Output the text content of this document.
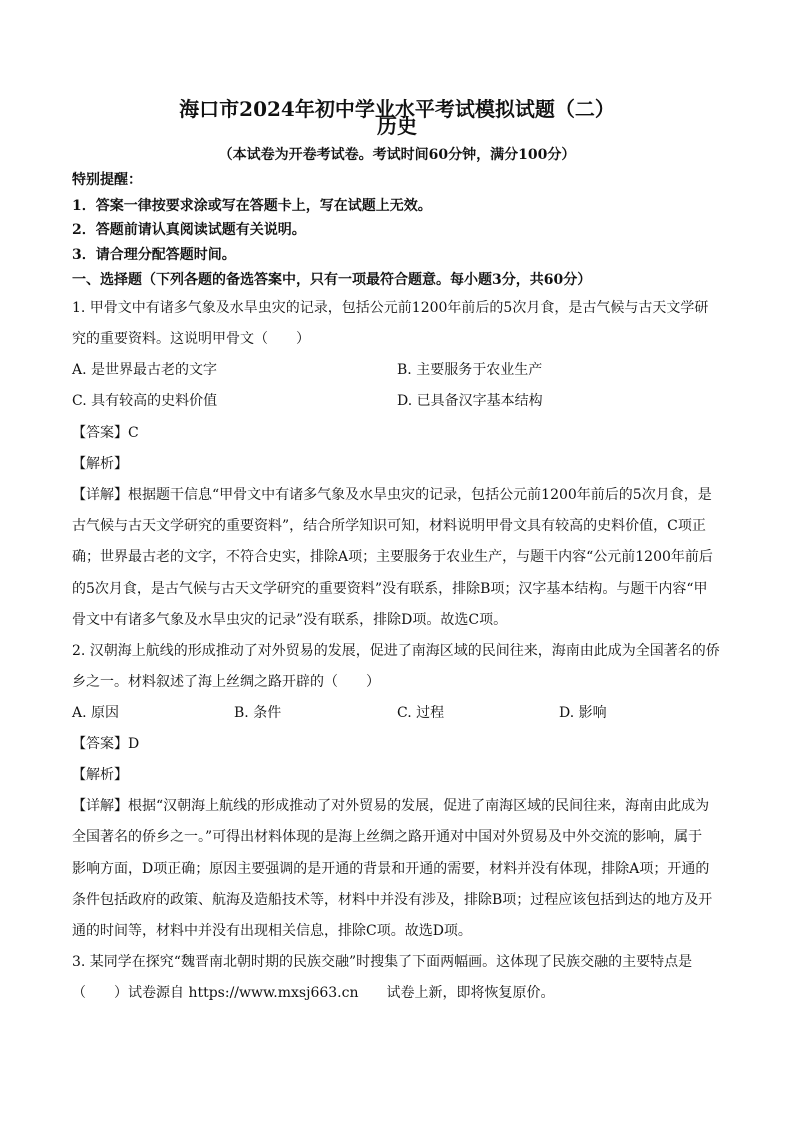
海口市2024年初中学业水平考试模拟试题（二）
历史
（本试卷为开卷考试卷。考试时间60分钟，满分100分）
特别提醒：
1．答案一律按要求涂或写在答题卡上，写在试题上无效。
2．答题前请认真阅读试题有关说明。
3．请合理分配答题时间。
一、选择题（下列各题的备选答案中，只有一项最符合题意。每小题3分，共60分）
1. 甲骨文中有诸多气象及水旱虫灾的记录，包括公元前1200年前后的5次月食，是古气候与古天文学研
究的重要资料。这说明甲骨文（　　）
A. 是世界最古老的文字	B. 主要服务于农业生产
C. 具有较高的史料价值	D. 已具备汉字基本结构
【答案】C
【解析】
【详解】根据题干信息“甲骨文中有诸多气象及水旱虫灾的记录，包括公元前1200年前后的5次月食，是
古气候与古天文学研究的重要资料”，结合所学知识可知，材料说明甲骨文具有较高的史料价值，C项正
确；世界最古老的文字，不符合史实，排除A项；主要服务于农业生产，与题干内容“公元前1200年前后
的5次月食，是古气候与古天文学研究的重要资料”没有联系，排除B项；汉字基本结构。与题干内容“甲
骨文中有诸多气象及水旱虫灾的记录”没有联系，排除D项。故选C项。
2. 汉朝海上航线的形成推动了对外贸易的发展，促进了南海区域的民间往来，海南由此成为全国著名的侨
乡之一。材料叙述了海上丝绸之路开辟的（　　）
A. 原因	B. 条件	C. 过程	D. 影响
【答案】D
【解析】
【详解】根据“汉朝海上航线的形成推动了对外贸易的发展，促进了南海区域的民间往来，海南由此成为
全国著名的侨乡之一。”可得出材料体现的是海上丝绸之路开通对中国对外贸易及中外交流的影响，属于
影响方面，D项正确；原因主要强调的是开通的背景和开通的需要，材料并没有体现，排除A项；开通的
条件包括政府的政策、航海及造船技术等，材料中并没有涉及，排除B项；过程应该包括到达的地方及开
通的时间等，材料中并没有出现相关信息，排除C项。故选D项。
3. 某同学在探究“魏晋南北朝时期的民族交融”时搜集了下面两幅画。这体现了民族交融的主要特点是
（　　）试卷源自 https://www.mxsj663.cn　　试卷上新，即将恢复原价。
